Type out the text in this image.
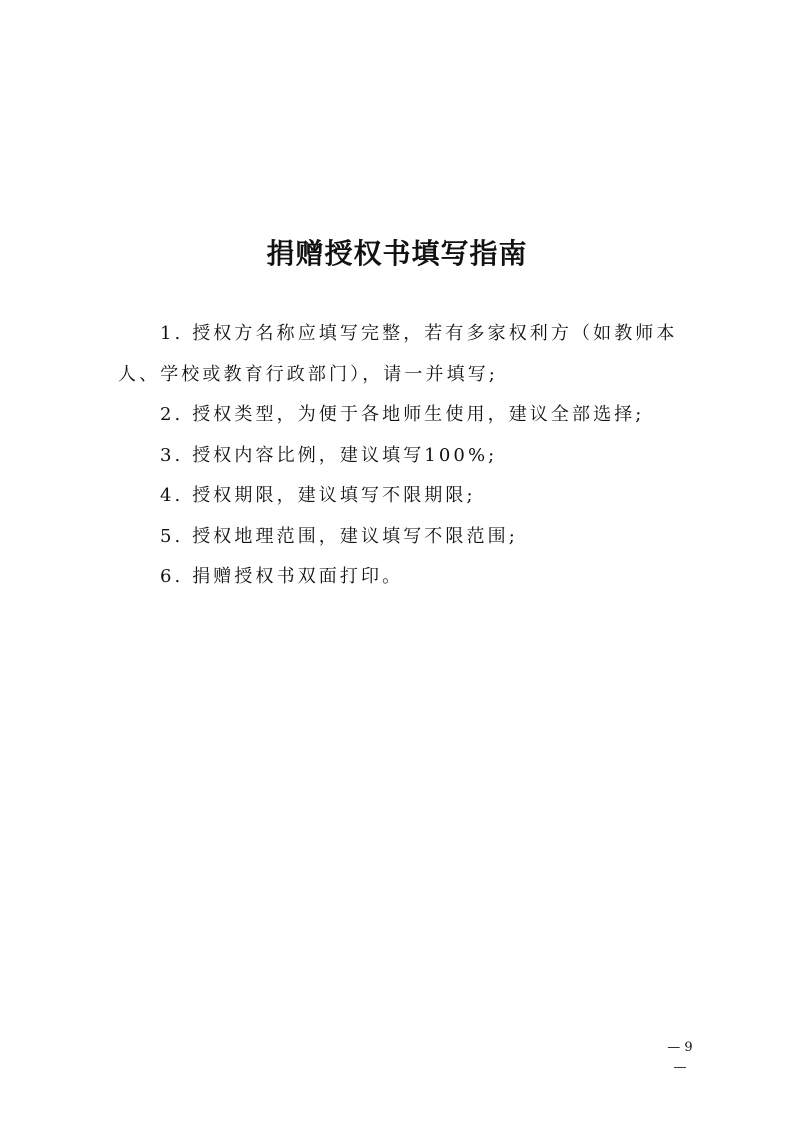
捐赠授权书填写指南

1. 授权方名称应填写完整，若有多家权利方（如教师本人、学校或教育行政部门），请一并填写;

2. 授权类型，为便于各地师生使用，建议全部选择;

3. 授权内容比例，建议填写100%;

4. 授权期限，建议填写不限期限;

5. 授权地理范围，建议填写不限范围;

6. 捐赠授权书双面打印。

— 9 —
